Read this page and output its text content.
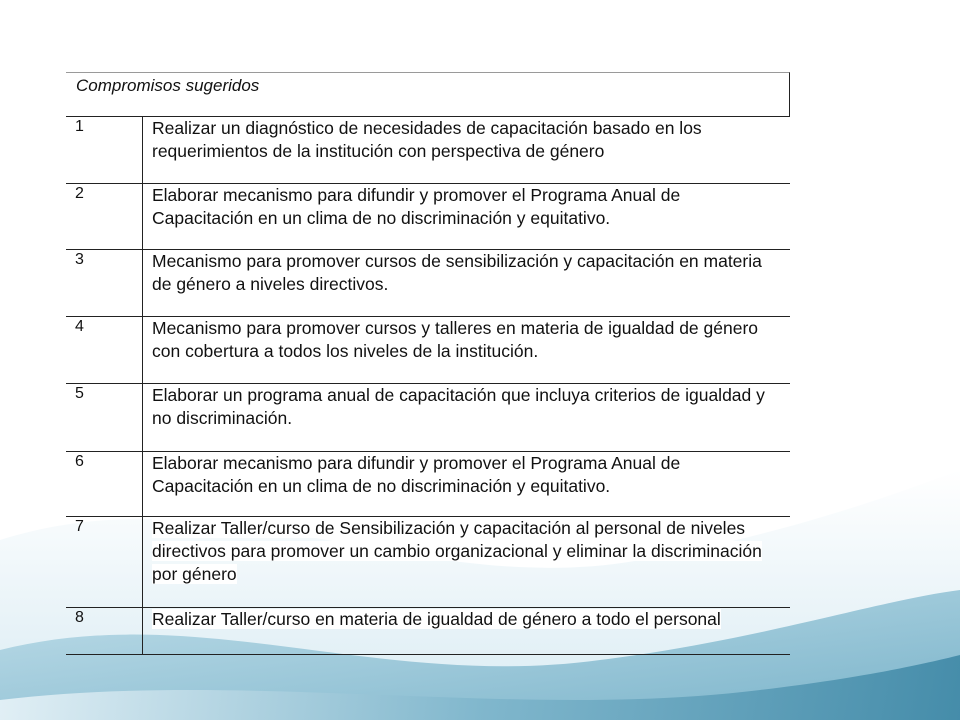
Compromisos sugeridos
1	Realizar un diagnóstico de necesidades de capacitación basado en los requerimientos de la institución con perspectiva de género
2	Elaborar mecanismo para difundir y promover el Programa Anual de Capacitación en un clima de no discriminación y equitativo.
3	Mecanismo para promover cursos de sensibilización y capacitación en materia de género a niveles directivos.
4	Mecanismo para promover cursos y talleres en materia de igualdad de género con cobertura a todos los niveles de la institución.
5	Elaborar un programa anual de capacitación que incluya criterios de igualdad y no discriminación.
6	Elaborar mecanismo para difundir y promover el Programa Anual de Capacitación en un clima de no discriminación y equitativo.
7	Realizar Taller/curso de Sensibilización y capacitación al personal de niveles directivos para promover un cambio organizacional y eliminar la discriminación por género
8	Realizar Taller/curso en materia de igualdad de género a todo el personal
